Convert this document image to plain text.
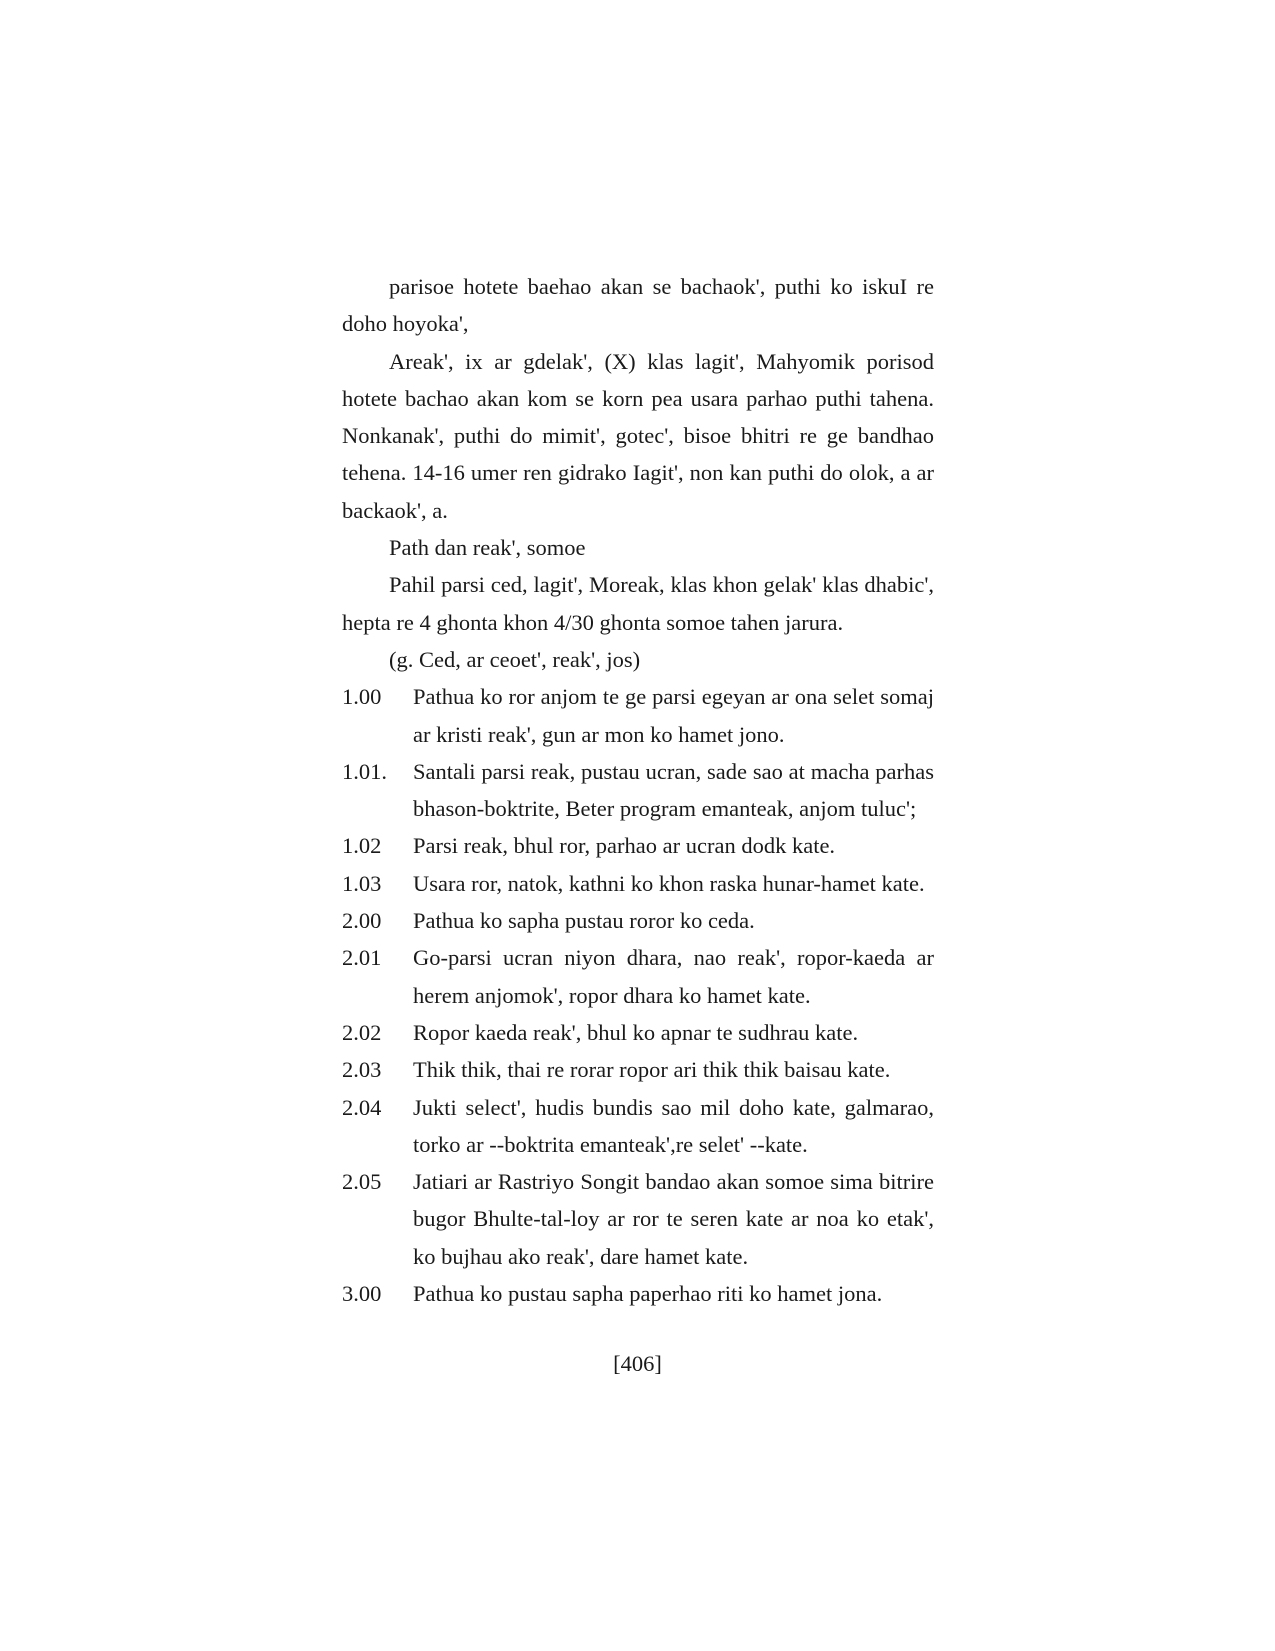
parisoe hotete baehao akan se bachaok', puthi ko iskuI re doho hoyoka',

Areak', ix ar gdelak', (X) klas lagit', Mahyomik porisod hotete bachao akan kom se korn pea usara parhao puthi tahena. Nonkanak', puthi do mimit', gotec', bisoe bhitri re ge bandhao tehena. 14-16 umer ren gidrako Iagit', non kan puthi do olok, a ar backaok', a.

Path dan reak', somoe

Pahil parsi ced, lagit', Moreak, klas khon gelak' klas dhabic', hepta re 4 ghonta khon 4/30 ghonta somoe tahen jarura.

(g. Ced, ar ceoet', reak', jos)

1.00	Pathua ko ror anjom te ge parsi egeyan ar ona selet somaj ar kristi reak', gun ar mon ko hamet jono.
1.01.	Santali parsi reak, pustau ucran, sade sao at macha parhas bhason-boktrite, Beter program emanteak, anjom tuluc';
1.02	Parsi reak, bhul ror, parhao ar ucran dodk kate.
1.03	Usara ror, natok, kathni ko khon raska hunar-hamet kate.
2.00	Pathua ko sapha pustau roror ko ceda.
2.01	Go-parsi ucran niyon dhara, nao reak', ropor-kaeda ar herem anjomok', ropor dhara ko hamet kate.
2.02	Ropor kaeda reak', bhul ko apnar te sudhrau kate.
2.03	Thik thik, thai re rorar ropor ari thik thik baisau kate.
2.04	Jukti select', hudis bundis sao mil doho kate, galmarao, torko ar --boktrita emanteak',re selet' --kate.
2.05	Jatiari ar Rastriyo Songit bandao akan somoe sima bitrire bugor Bhulte-tal-loy ar ror te seren kate ar noa ko etak', ko bujhau ako reak', dare hamet kate.
3.00	Pathua ko pustau sapha paperhao riti ko hamet jona.
[406]
